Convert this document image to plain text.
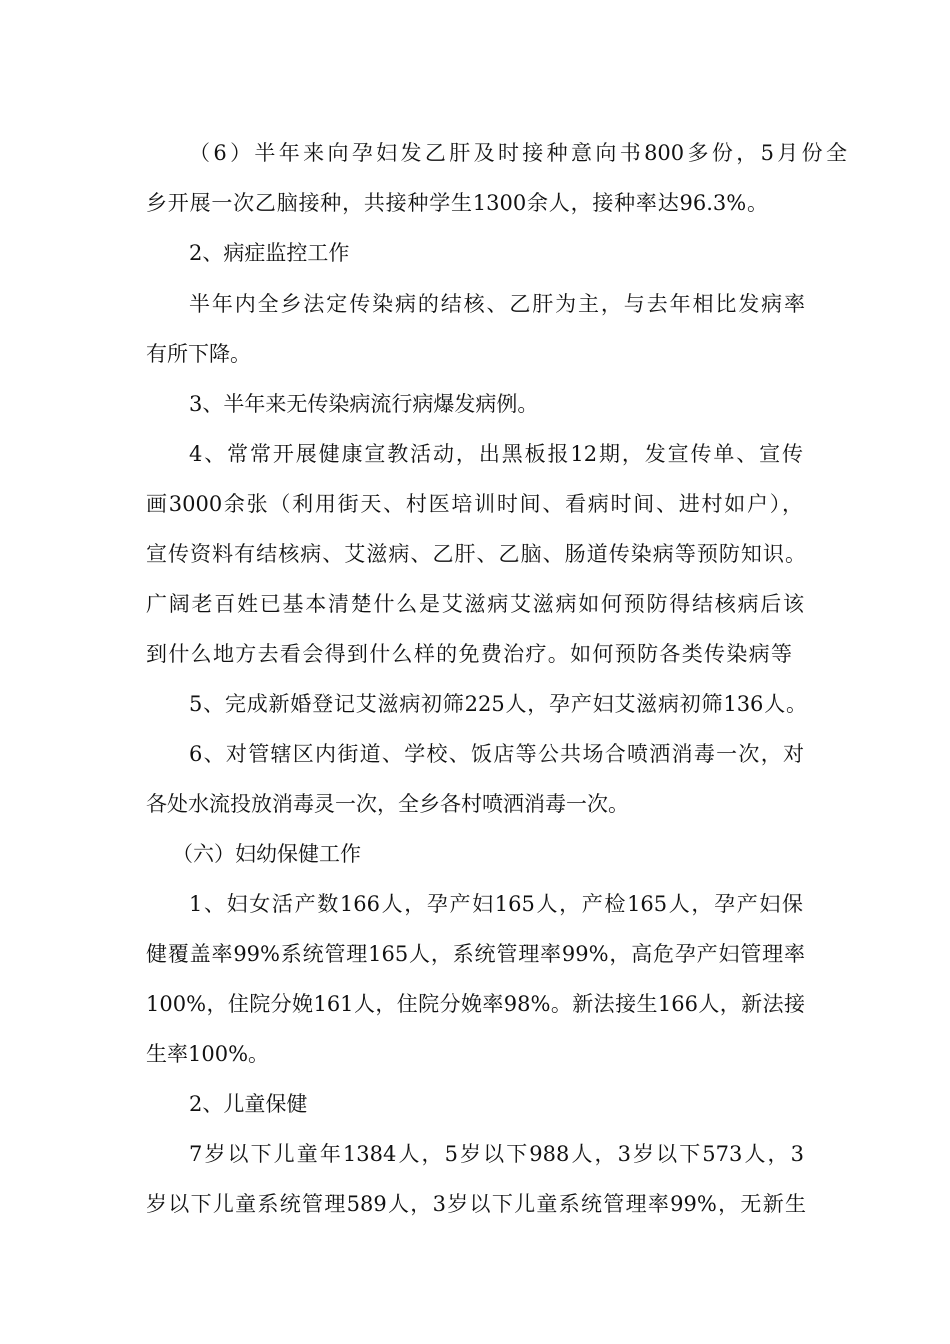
（6）半年来向孕妇发乙肝及时接种意向书800多份，5月份全
乡开展一次乙脑接种，共接种学生1300余人，接种率达96.3%。
2、病症监控工作
半年内全乡法定传染病的结核、乙肝为主，与去年相比发病率
有所下降。
3、半年来无传染病流行病爆发病例。
4、常常开展健康宣教活动，出黑板报12期，发宣传单、宣传
画3000余张（利用街天、村医培训时间、看病时间、进村如户），
宣传资料有结核病、艾滋病、乙肝、乙脑、肠道传染病等预防知识。
广阔老百姓已基本清楚什么是艾滋病艾滋病如何预防得结核病后该
到什么地方去看会得到什么样的免费治疗。如何预防各类传染病等
5、完成新婚登记艾滋病初筛225人，孕产妇艾滋病初筛136人。
6、对管辖区内街道、学校、饭店等公共场合喷洒消毒一次，对
各处水流投放消毒灵一次，全乡各村喷洒消毒一次。
（六）妇幼保健工作
1、妇女活产数166人，孕产妇165人，产检165人，孕产妇保
健覆盖率99%系统管理165人，系统管理率99%，高危孕产妇管理率
100%，住院分娩161人，住院分娩率98%。新法接生166人，新法接
生率100%。
2、儿童保健
7岁以下儿童年1384人，5岁以下988人，3岁以下573人，3
岁以下儿童系统管理589人，3岁以下儿童系统管理率99%，无新生
